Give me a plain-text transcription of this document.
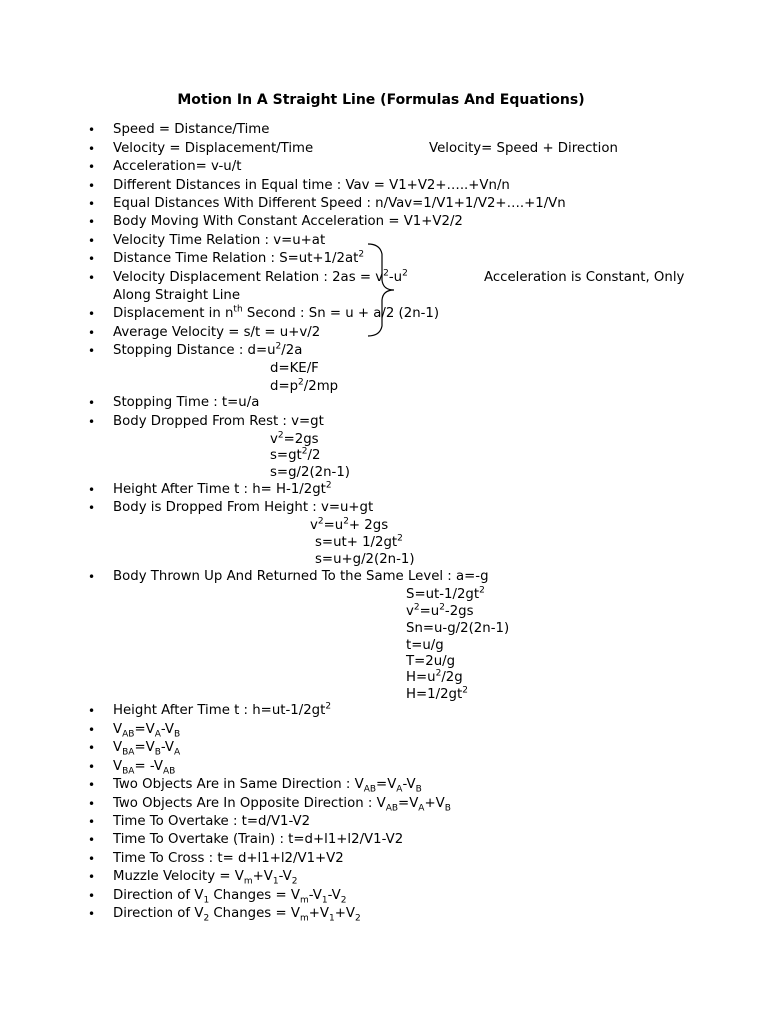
Motion In A Straight Line (Formulas And Equations)
•
•
•
•
•
•
•
•
•
•
•
•
•
•
•
•
•
•
•
•
•
•
•
•
•
•
•
•
•
Speed = Distance/Time
Velocity = Displacement/Time	Velocity= Speed + Direction
Acceleration= v-u/t
Different Distances in Equal time : Vav = V1+V2+…..+Vn/n
Equal Distances With Different Speed : n/Vav=1/V1+1/V2+….+1/Vn
Body Moving With Constant Acceleration = V1+V2/2
Velocity Time Relation : v=u+at
Distance Time Relation : $S=ut+1/2at^2$
Velocity Displacement Relation : $2as = v^2-u^2$	Acceleration is Constant, Only
Along Straight Line
Displacement in $n^{th}$ Second : Sn = u + a/2 (2n-1)
Average Velocity = s/t = u+v/2
Stopping Distance : $d=u^2/2a$
d=KE/F
$d=p^2/2mp$
Stopping Time : t=u/a
Body Dropped From Rest : v=gt
$v^2=2gs$
$s=gt^2/2$
s=g/2(2n-1)
Height After Time t : $h= H-1/2gt^2$
Body is Dropped From Height : v=u+gt
$v^2=u^2+ 2gs$
$s=ut+ 1/2gt^2$
s=u+g/2(2n-1)
Body Thrown Up And Returned To the Same Level : a=-g
$S=ut-1/2gt^2$
$v^2=u^2-2gs$
Sn=u-g/2(2n-1)
t=u/g
T=2u/g
$H=u^2/2g$
$H=1/2gt^2$
Height After Time t : $h=ut-1/2gt^2$
$V_{AB}=V_A-V_B$
$V_{BA}=V_B-V_A$
$V_{BA}= -V_{AB}$
Two Objects Are in Same Direction : $V_{AB}=V_A-V_B$
Two Objects Are In Opposite Direction : $V_{AB}=V_A+V_B$
Time To Overtake : t=d/V1-V2
Time To Overtake (Train) : t=d+l1+l2/V1-V2
Time To Cross : t= d+l1+l2/V1+V2
Muzzle Velocity = $V_m+V_1-V_2$
Direction of $V_1$ Changes = $V_m-V_1-V_2$
Direction of $V_2$ Changes = $V_m+V_1+V_2$
